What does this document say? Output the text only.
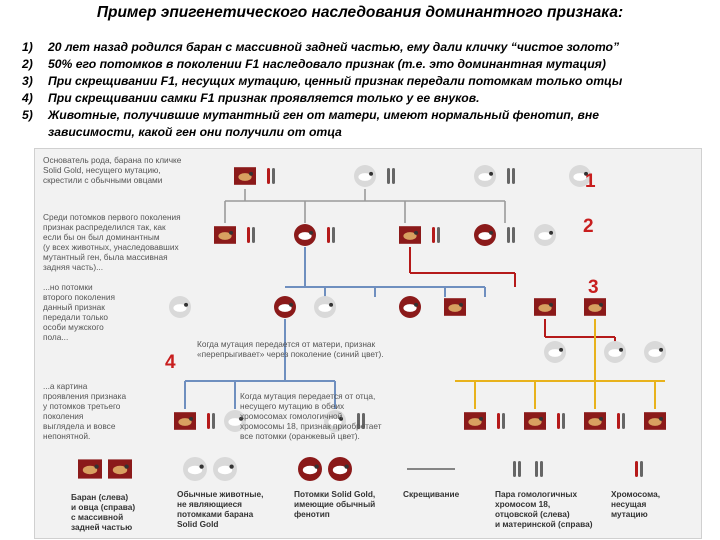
Пример эпигенетического наследования доминантного признака:
1)	20 лет назад родился баран с массивной задней частью, ему дали кличку “чистое золото”
2)	50% его потомков в поколении F1 наследовало признак (т.е. это доминантная мутация)
3)	При скрещивании F1, несущих мутацию, ценный признак передали потомкам только отцы
4)	При скрещивании самки F1 признак проявляется только у ее внуков.
5)	Животные, получившие мутантный ген от матери, имеют нормальный фенотип, вне
зависимости, какой ген они получили от отца
Основатель рода, барана по кличке
Solid Gold, несущего мутацию,
скрестили с обычными овцами
Среди потомков первого поколения
признак распределился так, как
если бы он был доминантным
(у всех животных, унаследовавших
мутантный ген, была массивная
задняя часть)...
...но потомки
второго поколения
данный признак
передали только
особи мужского
пола...
Когда мутация передается от матери, признак
«перепрыгивает» через поколение (синий цвет).
...а картина
проявления признака
у потомков третьего
поколения
выглядела и вовсе
непонятной.
Когда мутация передается от отца,
несущего мутацию в обеих
хромосомах гомологичной
хромосомы 18, признак приобретает
все потомки (оранжевый цвет).
1
2
3
4
Баран (слева)
и овца (справа)
с массивной
задней частью
Обычные животные,
не являющиеся
потомками барана
Solid Gold
Потомки Solid Gold,
имеющие обычный
фенотип
Скрещивание	Пара гомологичных
хромосом 18,
отцовской (слева)
и материнской (справа)
Хромосома,
несущая
мутацию
